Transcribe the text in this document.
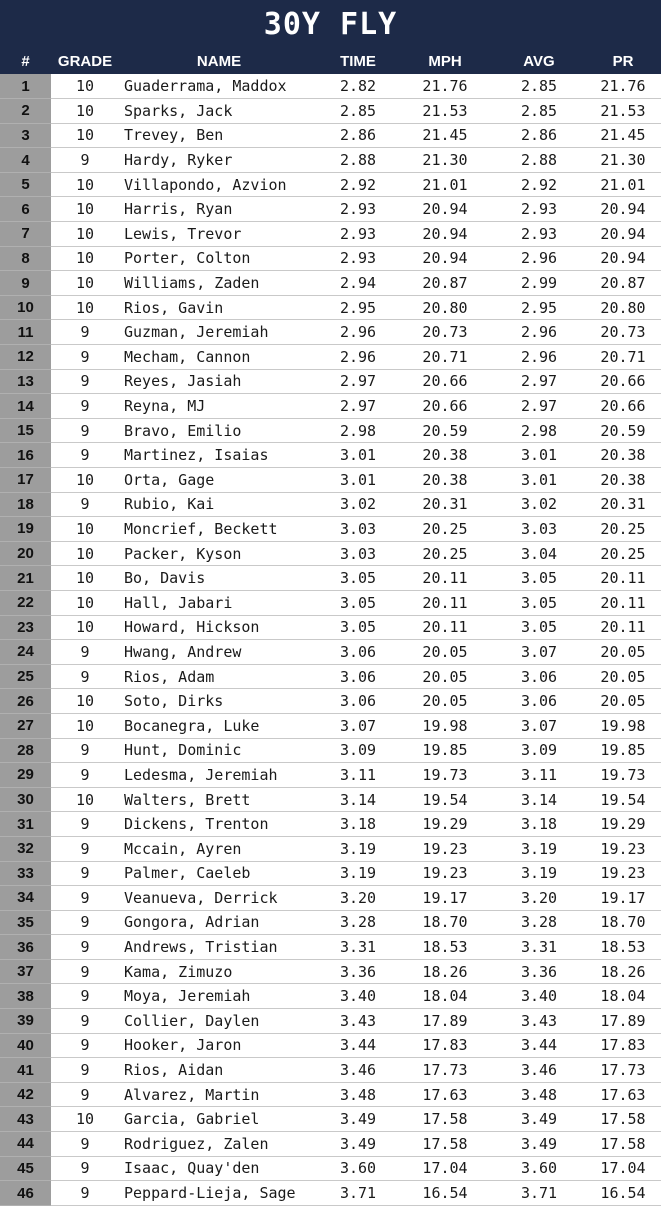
30Y FLY
#	GRADE	NAME	TIME	MPH	AVG	PR
1	10	Guaderrama, Maddox	2.82	21.76	2.85	21.76
2	10	Sparks, Jack	2.85	21.53	2.85	21.53
3	10	Trevey, Ben	2.86	21.45	2.86	21.45
4	9	Hardy, Ryker	2.88	21.30	2.88	21.30
5	10	Villapondo, Azvion	2.92	21.01	2.92	21.01
6	10	Harris, Ryan	2.93	20.94	2.93	20.94
7	10	Lewis, Trevor	2.93	20.94	2.93	20.94
8	10	Porter, Colton	2.93	20.94	2.96	20.94
9	10	Williams, Zaden	2.94	20.87	2.99	20.87
10	10	Rios, Gavin	2.95	20.80	2.95	20.80
11	9	Guzman, Jeremiah	2.96	20.73	2.96	20.73
12	9	Mecham, Cannon	2.96	20.71	2.96	20.71
13	9	Reyes, Jasiah	2.97	20.66	2.97	20.66
14	9	Reyna, MJ	2.97	20.66	2.97	20.66
15	9	Bravo, Emilio	2.98	20.59	2.98	20.59
16	9	Martinez, Isaias	3.01	20.38	3.01	20.38
17	10	Orta, Gage	3.01	20.38	3.01	20.38
18	9	Rubio, Kai	3.02	20.31	3.02	20.31
19	10	Moncrief, Beckett	3.03	20.25	3.03	20.25
20	10	Packer, Kyson	3.03	20.25	3.04	20.25
21	10	Bo, Davis	3.05	20.11	3.05	20.11
22	10	Hall, Jabari	3.05	20.11	3.05	20.11
23	10	Howard, Hickson	3.05	20.11	3.05	20.11
24	9	Hwang, Andrew	3.06	20.05	3.07	20.05
25	9	Rios, Adam	3.06	20.05	3.06	20.05
26	10	Soto, Dirks	3.06	20.05	3.06	20.05
27	10	Bocanegra, Luke	3.07	19.98	3.07	19.98
28	9	Hunt, Dominic	3.09	19.85	3.09	19.85
29	9	Ledesma, Jeremiah	3.11	19.73	3.11	19.73
30	10	Walters, Brett	3.14	19.54	3.14	19.54
31	9	Dickens, Trenton	3.18	19.29	3.18	19.29
32	9	Mccain, Ayren	3.19	19.23	3.19	19.23
33	9	Palmer, Caeleb	3.19	19.23	3.19	19.23
34	9	Veanueva, Derrick	3.20	19.17	3.20	19.17
35	9	Gongora, Adrian	3.28	18.70	3.28	18.70
36	9	Andrews, Tristian	3.31	18.53	3.31	18.53
37	9	Kama, Zimuzo	3.36	18.26	3.36	18.26
38	9	Moya, Jeremiah	3.40	18.04	3.40	18.04
39	9	Collier, Daylen	3.43	17.89	3.43	17.89
40	9	Hooker, Jaron	3.44	17.83	3.44	17.83
41	9	Rios, Aidan	3.46	17.73	3.46	17.73
42	9	Alvarez, Martin	3.48	17.63	3.48	17.63
43	10	Garcia, Gabriel	3.49	17.58	3.49	17.58
44	9	Rodriguez, Zalen	3.49	17.58	3.49	17.58
45	9	Isaac, Quay'den	3.60	17.04	3.60	17.04
46	9	Peppard-Lieja, Sage	3.71	16.54	3.71	16.54
